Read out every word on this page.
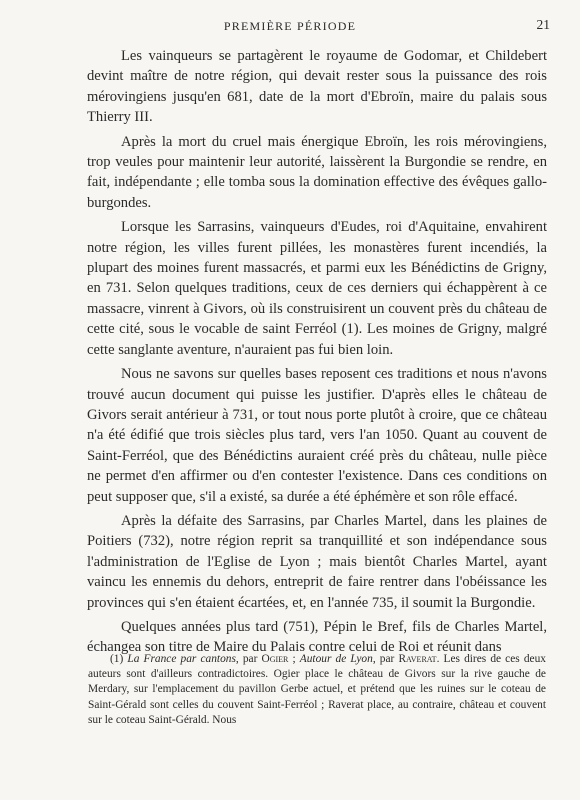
PREMIÈRE PÉRIODE	21

Les vainqueurs se partagèrent le royaume de Godomar, et Childebert devint maître de notre région, qui devait rester sous la puissance des rois mérovingiens jusqu'en 681, date de la mort d'Ebroïn, maire du palais sous Thierry III.

Après la mort du cruel mais énergique Ebroïn, les rois mérovingiens, trop veules pour maintenir leur autorité, laissèrent la Burgondie se rendre, en fait, indépendante ; elle tomba sous la domination effective des évêques gallo-burgondes.

Lorsque les Sarrasins, vainqueurs d'Eudes, roi d'Aquitaine, envahirent notre région, les villes furent pillées, les monastères furent incendiés, la plupart des moines furent massacrés, et parmi eux les Bénédictins de Grigny, en 731. Selon quelques traditions, ceux de ces derniers qui échappèrent à ce massacre, vinrent à Givors, où ils construisirent un couvent près du château de cette cité, sous le vocable de saint Ferréol (1). Les moines de Grigny, malgré cette sanglante aventure, n'auraient pas fui bien loin.

Nous ne savons sur quelles bases reposent ces traditions et nous n'avons trouvé aucun document qui puisse les justifier. D'après elles le château de Givors serait antérieur à 731, or tout nous porte plutôt à croire, que ce château n'a été édifié que trois siècles plus tard, vers l'an 1050. Quant au couvent de Saint-Ferréol, que des Bénédictins auraient créé près du château, nulle pièce ne permet d'en affirmer ou d'en contester l'existence. Dans ces conditions on peut supposer que, s'il a existé, sa durée a été éphémère et son rôle effacé.

Après la défaite des Sarrasins, par Charles Martel, dans les plaines de Poitiers (732), notre région reprit sa tranquillité et son indépendance sous l'administration de l'Eglise de Lyon ; mais bientôt Charles Martel, ayant vaincu les ennemis du dehors, entreprit de faire rentrer dans l'obéissance les provinces qui s'en étaient écartées, et, en l'année 735, il soumit la Burgondie.

Quelques années plus tard (751), Pépin le Bref, fils de Charles Martel, échangea son titre de Maire du Palais contre celui de Roi et réunit dans

(1) La France par cantons, par Ogier ; Autour de Lyon, par Raverat. Les dires de ces deux auteurs sont d'ailleurs contradictoires. Ogier place le château de Givors sur la rive gauche de Merdary, sur l'emplacement du pavillon Gerbe actuel, et prétend que les ruines sur le coteau de Saint-Gérald sont celles du couvent Saint-Ferréol ; Raverat place, au contraire, château et couvent sur le coteau Saint-Gérald. Nous
